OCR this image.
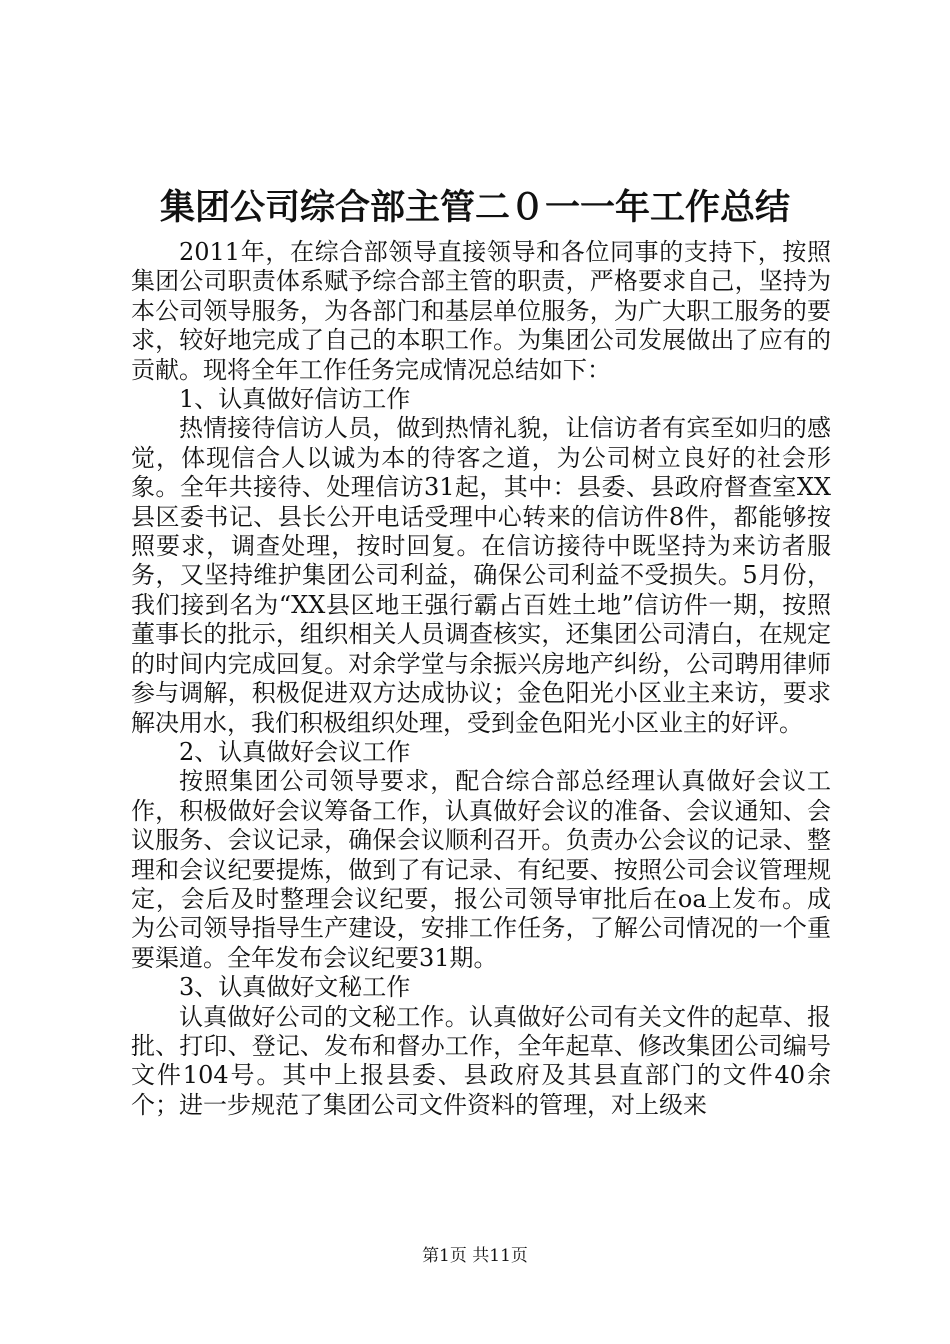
集团公司综合部主管二０一一年工作总结

2011年，在综合部领导直接领导和各位同事的支持下，按照集团公司职责体系赋予综合部主管的职责，严格要求自己，坚持为本公司领导服务，为各部门和基层单位服务，为广大职工服务的要求，较好地完成了自己的本职工作。为集团公司发展做出了应有的贡献。现将全年工作任务完成情况总结如下：

1、认真做好信访工作

热情接待信访人员，做到热情礼貌，让信访者有宾至如归的感觉，体现信合人以诚为本的待客之道，为公司树立良好的社会形象。全年共接待、处理信访31起，其中：县委、县政府督查室XX县区委书记、县长公开电话受理中心转来的信访件8件，都能够按照要求，调查处理，按时回复。在信访接待中既坚持为来访者服务，又坚持维护集团公司利益，确保公司利益不受损失。5月份，我们接到名为“XX县区地王强行霸占百姓土地”信访件一期，按照董事长的批示，组织相关人员调查核实，还集团公司清白，在规定的时间内完成回复。对余学堂与余振兴房地产纠纷，公司聘用律师参与调解，积极促进双方达成协议；金色阳光小区业主来访，要求解决用水，我们积极组织处理，受到金色阳光小区业主的好评。

2、认真做好会议工作

按照集团公司领导要求，配合综合部总经理认真做好会议工作，积极做好会议筹备工作，认真做好会议的准备、会议通知、会议服务、会议记录，确保会议顺利召开。负责办公会议的记录、整理和会议纪要提炼，做到了有记录、有纪要、按照公司会议管理规定，会后及时整理会议纪要，报公司领导审批后在oa上发布。成为公司领导指导生产建设，安排工作任务，了解公司情况的一个重要渠道。全年发布会议纪要31期。

3、认真做好文秘工作

认真做好公司的文秘工作。认真做好公司有关文件的起草、报批、打印、登记、发布和督办工作，全年起草、修改集团公司编号文件104号。其中上报县委、县政府及其县直部门的文件40余个；进一步规范了集团公司文件资料的管理，对上级来

第1页 共11页
